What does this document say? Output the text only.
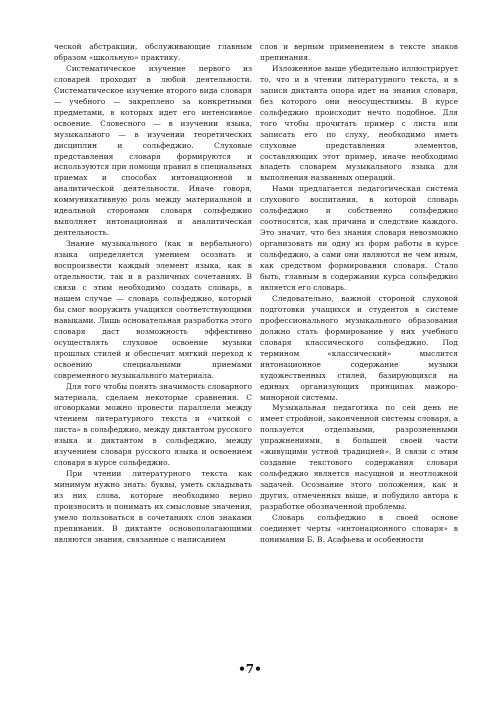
ческой абстракции, обслуживающие главным образом «школьную» практику.

Систематическое изучение первого из словарей проходит в любой деятельности. Систематическое изучение второго вида словаря — учебного — закреплено за конкретными предметами, в которых идет его интенсивное освоение. Словесного — в изучении языка, музыкального — в изучении теоретических дисциплин и сольфеджио. Слуховые представления словаря формируются и используются при помощи правил в специальных приемах и способах интонационной и аналитической деятельности. Иначе говоря, коммуникативную роль между материальной и идеальной сторонами словаря сольфеджио выполняет интонационная и аналитическая деятельность.

Знание музыкального (как и вербального) языка определяется умением осознать и воспроизвести каждый элемент языка, как в отдельности, так и в различных сочетаниях. В связи с этим необходимо создать словарь, в нашем случае — словарь сольфеджио, который бы смог вооружить учащихся соответствующими навыками. Лишь основательная разработка этого словаря даст возможность эффективно осуществлять слуховое освоение музыки прошлых стилей и обеспечит мягкий переход к освоению специальными приемами современного музыкального материала.

Для того чтобы понять значимость словарного материала, сделаем некоторые сравнения. С оговорками можно провести параллели между чтением литературного текста и «читкой с листа» в сольфеджио, между диктантом русского языка и диктантом в сольфеджио, между изучением словаря русского языка и освоением словаря в курсе сольфеджио.

При чтении литературного текста как минимум нужно знать: буквы, уметь складывать из них слова, которые необходимо верно произносить и понимать их смысловые значения, умело пользоваться в сочетаниях слов знаками препинания. В диктанте основополагающими являются знания, связанные с написанием

слов и верным применением в тексте знаков препинания.

Изложенное выше убедительно иллюстрирует то, что и в чтении литературного текста, и в записи диктанта опора идет на знания словаря, без которого они неосуществимы. В курсе сольфеджио происходит нечто подобное. Для того чтобы прочитать пример с листа или записать его по слуху, необходимо иметь слуховые представления элементов, составляющих этот пример, иначе необходимо владеть словарем музыкального языка для выполнения названных операций.

Нами предлагается педагогическая система слухового воспитания, в которой словарь сольфеджио и собственно сольфеджио соотносятся, как причина и следствие каждого. Это значит, что без знания словаря невозможно организовать ни одну из форм работы в курсе сольфеджио, а сами они являются не чем иным, как средством формирования словаря. Стало быть, главным в содержании курса сольфеджио является его словарь.

Следовательно, важной стороной слуховой подготовки учащихся и студентов в системе профессионального музыкального образования должно стать формирование у них учебного словаря классического сольфеджио. Под термином «классический» мыслится интонационное содержание музыки художественных стилей, базирующихся на единых организующих принципах мажоро-минорной системы.

Музыкальная педагогика по сей день не имеет стройной, законченной системы словаря, а пользуется отдельными, разрозненными упражнениями, в большей своей части «живущими устной традицией». В связи с этим создание текстового содержания словаря сольфеджио является насущной и неотложной задачей. Осознание этого положения, как и других, отмеченных выше, и побудило автора к разработке обозначенной проблемы.

Словарь сольфеджио в своей основе соединяет черты «интонационного словаря» в понимании Б. В. Асафьева и особенности

•7•
